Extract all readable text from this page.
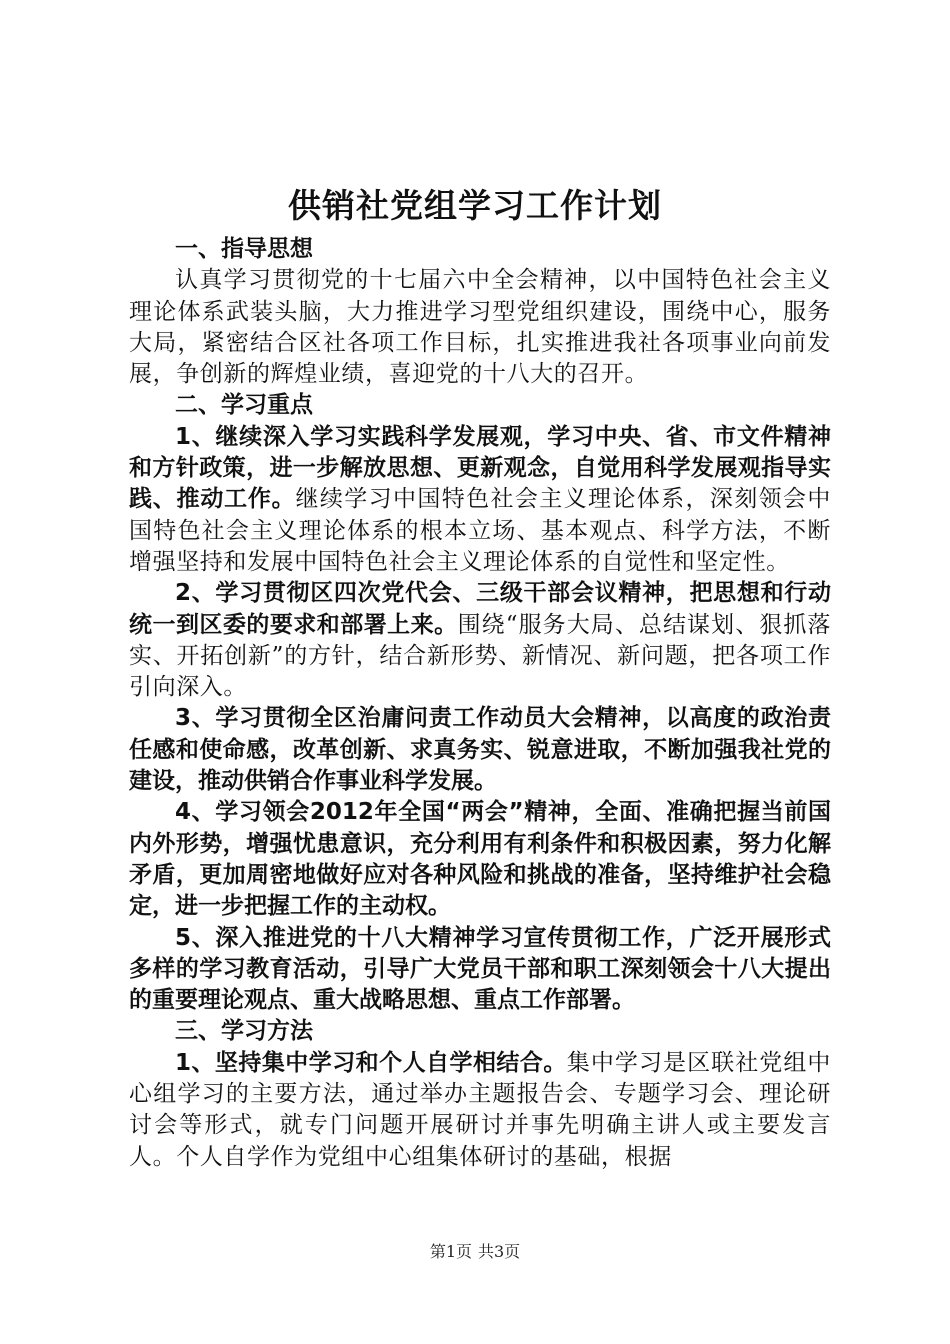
供销社党组学习工作计划

一、指导思想

认真学习贯彻党的十七届六中全会精神，以中国特色社会主义理论体系武装头脑，大力推进学习型党组织建设，围绕中心，服务大局，紧密结合区社各项工作目标，扎实推进我社各项事业向前发展，争创新的辉煌业绩，喜迎党的十八大的召开。

二、学习重点

1、继续深入学习实践科学发展观，学习中央、省、市文件精神和方针政策，进一步解放思想、更新观念，自觉用科学发展观指导实践、推动工作。继续学习中国特色社会主义理论体系，深刻领会中国特色社会主义理论体系的根本立场、基本观点、科学方法，不断增强坚持和发展中国特色社会主义理论体系的自觉性和坚定性。

2、学习贯彻区四次党代会、三级干部会议精神，把思想和行动统一到区委的要求和部署上来。围绕“服务大局、总结谋划、狠抓落实、开拓创新”的方针，结合新形势、新情况、新问题，把各项工作引向深入。

3、学习贯彻全区治庸问责工作动员大会精神，以高度的政治责任感和使命感，改革创新、求真务实、锐意进取，不断加强我社党的建设，推动供销合作事业科学发展。

4、学习领会2012年全国“两会”精神，全面、准确把握当前国内外形势，增强忧患意识，充分利用有利条件和积极因素，努力化解矛盾，更加周密地做好应对各种风险和挑战的准备，坚持维护社会稳定，进一步把握工作的主动权。

5、深入推进党的十八大精神学习宣传贯彻工作，广泛开展形式多样的学习教育活动，引导广大党员干部和职工深刻领会十八大提出的重要理论观点、重大战略思想、重点工作部署。

三、学习方法

1、坚持集中学习和个人自学相结合。集中学习是区联社党组中心组学习的主要方法，通过举办主题报告会、专题学习会、理论研讨会等形式，就专门问题开展研讨并事先明确主讲人或主要发言人。个人自学作为党组中心组集体研讨的基础，根据

第1页 共3页
